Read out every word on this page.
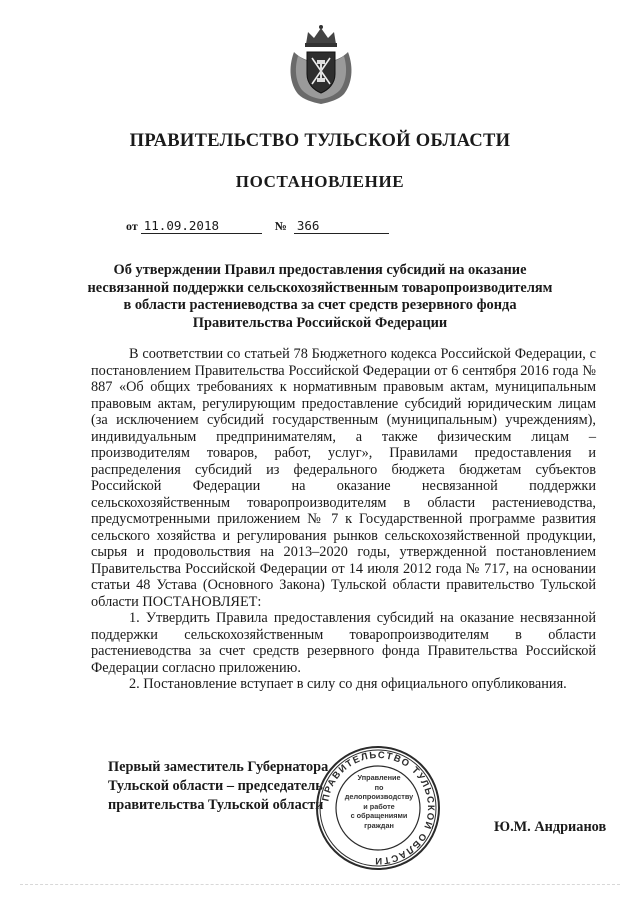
ПРАВИТЕЛЬСТВО ТУЛЬСКОЙ ОБЛАСТИ
ПОСТАНОВЛЕНИЕ
от 11.09.2018	№ 366
Об утверждении Правил предоставления субсидий на оказание
несвязанной поддержки сельскохозяйственным товаропроизводителям
в области растениеводства за счет средств резервного фонда
Правительства Российской Федерации

В соответствии со статьей 78 Бюджетного кодекса Российской Федерации, с постановлением Правительства Российской Федерации от 6 сентября 2016 года № 887 «Об общих требованиях к нормативным правовым актам, муниципальным правовым актам, регулирующим предоставление субсидий юридическим лицам (за исключением субсидий государственным (муниципальным) учреждениям), индивидуальным предпринимателям, а также физическим лицам – производителям товаров, работ, услуг», Правилами предоставления и распределения субсидий из федерального бюджета бюджетам субъектов Российской Федерации на оказание несвязанной поддержки сельскохозяйственным товаропроизводителям в области растениеводства, предусмотренными приложением № 7 к Государственной программе развития сельского хозяйства и регулирования рынков сельскохозяйственной продукции, сырья и продовольствия на 2013–2020 годы, утвержденной постановлением Правительства Российской Федерации от 14 июля 2012 года № 717, на основании статьи 48 Устава (Основного Закона) Тульской области правительство Тульской области ПОСТАНОВЛЯЕТ:

1. Утвердить Правила предоставления субсидий на оказание несвязанной поддержки сельскохозяйственным товаропроизводителям в области растениеводства за счет средств резервного фонда Правительства Российской Федерации согласно приложению.

2. Постановление вступает в силу со дня официального опубликования.

Первый заместитель Губернатора
Тульской области – председатель
правительства Тульской области
ПРАВИТЕЛЬСТВО ТУЛЬСКОЙ ОБЛАСТИ
Управление
по делопроизводству
и работе
с обращениями
граждан	Ю.М. Андрианов
